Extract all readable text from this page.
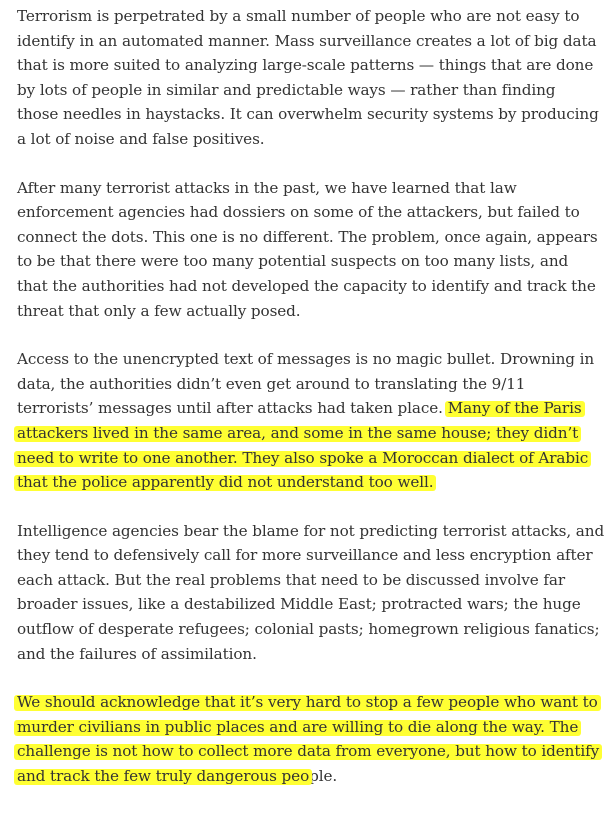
Terrorism is perpetrated by a small number of people who are not easy to
identify in an automated manner. Mass surveillance creates a lot of big data
that is more suited to analyzing large-scale patterns — things that are done
by lots of people in similar and predictable ways — rather than finding
those needles in haystacks. It can overwhelm security systems by producing
a lot of noise and false positives.

After many terrorist attacks in the past, we have learned that law
enforcement agencies had dossiers on some of the attackers, but failed to
connect the dots. This one is no different. The problem, once again, appears
to be that there were too many potential suspects on too many lists, and
that the authorities had not developed the capacity to identify and track the
threat that only a few actually posed.

Access to the unencrypted text of messages is no magic bullet. Drowning in
data, the authorities didn’t even get around to translating the 9/11
terrorists’ messages until after attacks had taken place. Many of the Paris
attackers lived in the same area, and some in the same house; they didn’t
need to write to one another. They also spoke a Moroccan dialect of Arabic
that the police apparently did not understand too well.

Intelligence agencies bear the blame for not predicting terrorist attacks, and
they tend to defensively call for more surveillance and less encryption after
each attack. But the real problems that need to be discussed involve far
broader issues, like a destabilized Middle East; protracted wars; the huge
outflow of desperate refugees; colonial pasts; homegrown religious fanatics;
and the failures of assimilation.

We should acknowledge that it’s very hard to stop a few people who want to
murder civilians in public places and are willing to die along the way. The
challenge is not how to collect more data from everyone, but how to identify
and track the few truly dangerous people.
